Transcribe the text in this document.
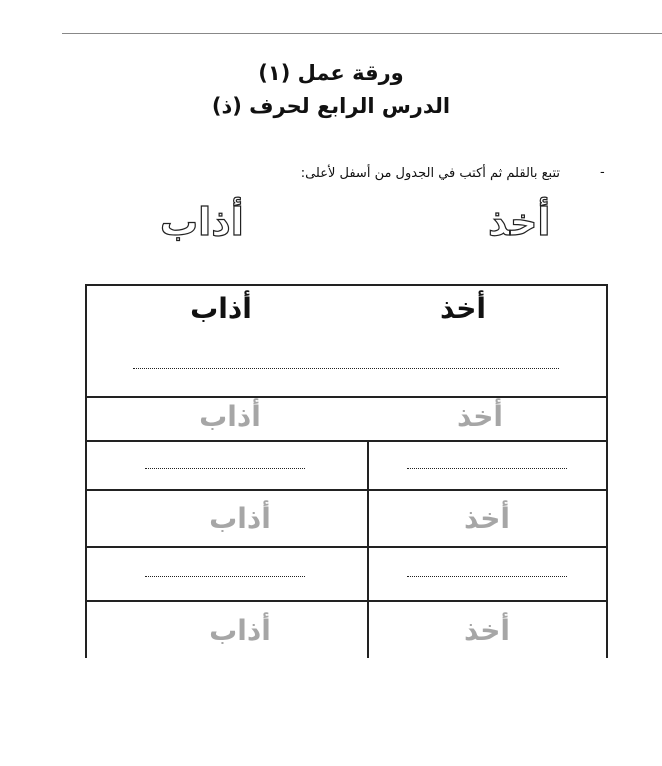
ورقة عمل (١)
الدرس الرابع لحرف (ذ)
-
تتبع بالقلم ثم أكتب في الجدول من أسفل لأعلى:
أخذ
أذاب
أخذ
أذاب
أخذ
أذاب
أخذ
أذاب
أخذ
أذاب
